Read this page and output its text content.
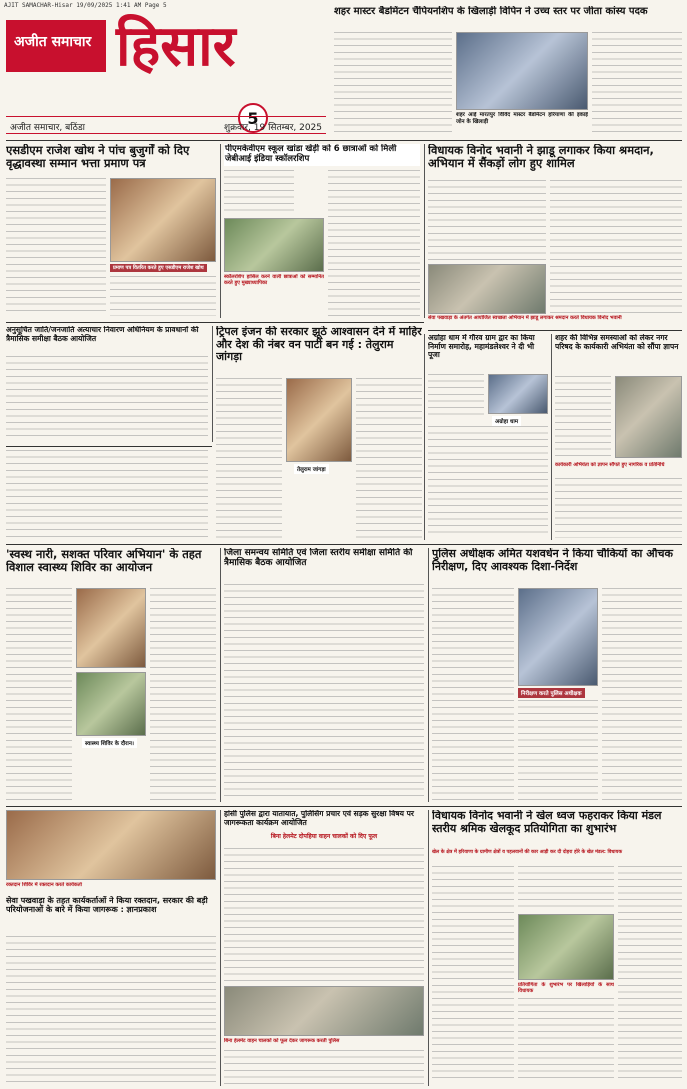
AJIT SAMACHAR-Hisar 19/09/2025 1:41 AM Page 5
अजीत समाचार हिसार
5
अजीत समाचार, बठिंडा	शुक्रवार, 19 सितम्बर, 2025
शहर मास्टर बैडमिंटन चैंपियनशिप के खिलाड़ी विपिन ने उच्च स्तर पर जीता कांस्य पदक
शहर आई मारतपुर विविद मास्टर बैडमिंटन हरियाणा की इकाई जोन के खिलाड़ी
एसडीएम राजेश खोथ ने पांच बुजुर्गों को दिए वृद्धावस्था सम्मान भत्ता प्रमाण पत्र
प्रमाण पत्र वितरित करते हुए एसडीएम राजेश खोथ
पीएमकेवीएम स्कूल खांडा खेड़ी को 6 छात्राओं को मिली जेबीआई इंडिया स्कॉलरशिप
स्कॉलरशिप हासिल करने वाली छात्राओं को सम्मानित करते हुए मुख्याध्यापिका
विधायक विनोद भवानी ने झाडू लगाकर किया श्रमदान, अभियान में सैंकड़ों लोग हुए शामिल
सेवा पखवाड़ा के अंतर्गत आयोजित स्वच्छता अभियान में झाडू लगाकर श्रमदान करते विधायक विनोद भवानी
अनुसूचित जाति/जनजाति अत्याचार निवारण अधिनियम के प्रावधानों की त्रैमासिक समीक्षा बैठक आयोजित
ट्रिपल इंजन की सरकार झूठे आश्वासन देने में माहिर और देश की नंबर वन पार्टी बन गई : तेलुराम जांगड़ा
तेलुराम जांगड़ा
अग्रोहा धाम में गौरव ग्राम द्वार का किया निर्माण समारोह, महामंडलेश्वर ने दी भी पूजा
अग्रोहा धाम
शहर की विभिन्न समस्याओं को लेकर नगर परिषद के कार्यकारी अभियंता को सौंपा ज्ञापन
कार्यकारी अभियंता को ज्ञापन सौंपते हुए नागरिक व प्रतिनिधि
'स्वस्थ नारी, सशक्त परिवार अभियान' के तहत विशाल स्वास्थ्य शिविर का आयोजन
स्वास्थ्य शिविर के दौरान।
जिला समन्वय समिति एवं जिला स्तरीय समीक्षा समिति की त्रैमासिक बैठक आयोजित
पुलिस अधीक्षक अमित यशवर्धन ने किया चौकियों का औचक निरीक्षण, दिए आवश्यक दिशा-निर्देश
निरीक्षण करते पुलिस अधीक्षक
हांसी पुलिस द्वारा यातायात, पुलिसिंग प्रचार एवं सड़क सुरक्षा विषय पर जागरूकता कार्यक्रम आयोजित
बिना हेलमेट दोपहिया वाहन चालकों को दिए फूल
बिना हेलमेट वाहन चालकों को फूल देकर जागरूक करती पुलिस
विधायक विनोद भवानी ने खेल ध्वज फहराकर किया मंडल स्तरीय श्रमिक खेलकूद प्रतियोगिता का शुभारंभ
खेल के क्षेत्र में हरियाणा के ग्रामीण क्षेत्रों व पहलवानों की कार आड़ी कर दी दोहरा होरे के खेत मंडल: विधायक
प्रतियोगिता के शुभारंभ पर खिलाड़ियों के साथ विधायक
रक्तदान शिविर में रक्तदान करते कार्यकर्ता
सेवा पखवाड़ा के तहत कार्यकर्ताओं ने किया रक्तदान, सरकार की बड़ी परियोजनाओं के बारे में किया जागरूक : ज्ञानप्रकाश
